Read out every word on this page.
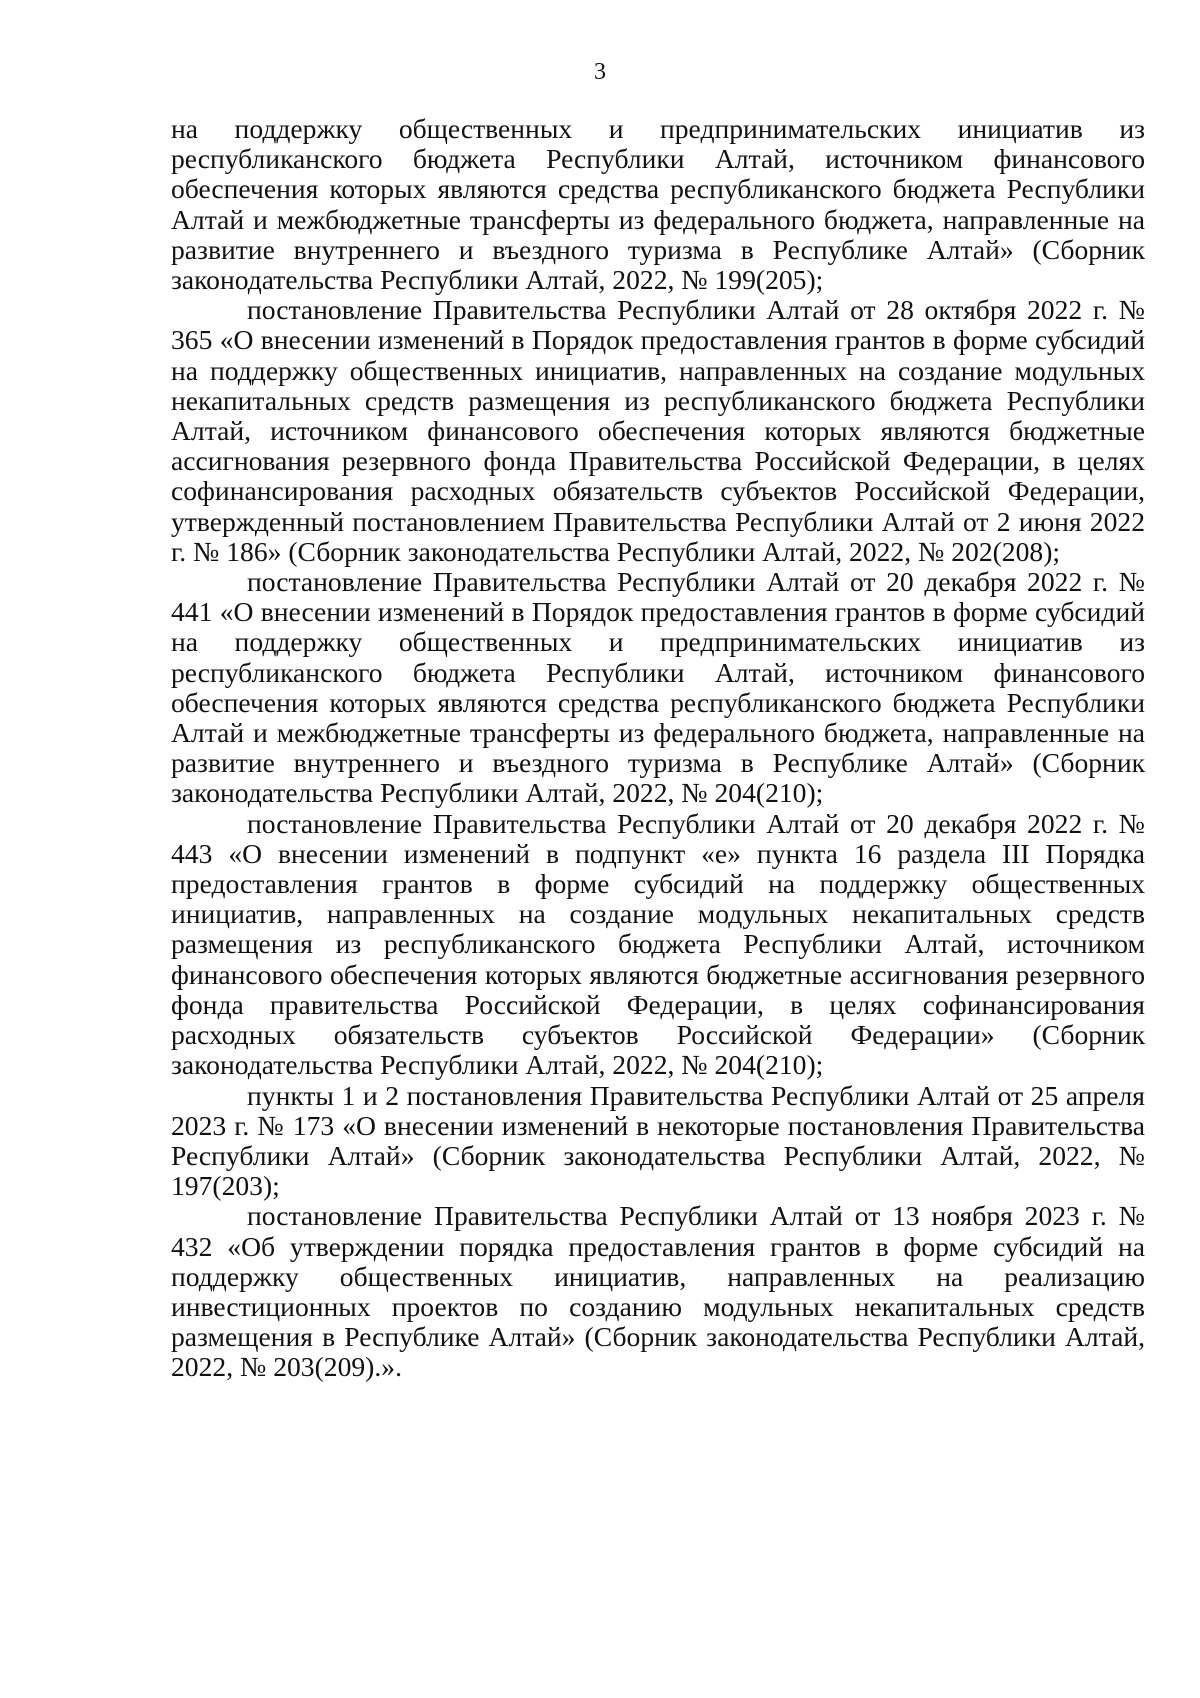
3

на поддержку общественных и предпринимательских инициатив из республиканского бюджета Республики Алтай, источником финансового обеспечения которых являются средства республиканского бюджета Республики Алтай и межбюджетные трансферты из федерального бюджета, направленные на развитие внутреннего и въездного туризма в Республике Алтай» (Сборник законодательства Республики Алтай, 2022, № 199(205);

постановление Правительства Республики Алтай от 28 октября 2022 г. № 365 «О внесении изменений в Порядок предоставления грантов в форме субсидий на поддержку общественных инициатив, направленных на создание модульных некапитальных средств размещения из республиканского бюджета Республики Алтай, источником финансового обеспечения которых являются бюджетные ассигнования резервного фонда Правительства Российской Федерации, в целях софинансирования расходных обязательств субъектов Российской Федерации, утвержденный постановлением Правительства Республики Алтай от 2 июня 2022 г. № 186» (Сборник законодательства Республики Алтай, 2022, № 202(208);

постановление Правительства Республики Алтай от 20 декабря 2022 г. № 441 «О внесении изменений в Порядок предоставления грантов в форме субсидий на поддержку общественных и предпринимательских инициатив из республиканского бюджета Республики Алтай, источником финансового обеспечения которых являются средства республиканского бюджета Республики Алтай и межбюджетные трансферты из федерального бюджета, направленные на развитие внутреннего и въездного туризма в Республике Алтай» (Сборник законодательства Республики Алтай, 2022, № 204(210);

постановление Правительства Республики Алтай от 20 декабря 2022 г. № 443 «О внесении изменений в подпункт «е» пункта 16 раздела III Порядка предоставления грантов в форме субсидий на поддержку общественных инициатив, направленных на создание модульных некапитальных средств размещения из республиканского бюджета Республики Алтай, источником финансового обеспечения которых являются бюджетные ассигнования резервного фонда правительства Российской Федерации, в целях софинансирования расходных обязательств субъектов Российской Федерации» (Сборник законодательства Республики Алтай, 2022, № 204(210);

пункты 1 и 2 постановления Правительства Республики Алтай от 25 апреля 2023 г. № 173 «О внесении изменений в некоторые постановления Правительства Республики Алтай» (Сборник законодательства Республики Алтай, 2022, № 197(203);

постановление Правительства Республики Алтай от 13 ноября 2023 г. № 432 «Об утверждении порядка предоставления грантов в форме субсидий на поддержку общественных инициатив, направленных на реализацию инвестиционных проектов по созданию модульных некапитальных средств размещения в Республике Алтай» (Сборник законодательства Республики Алтай, 2022, № 203(209).».
